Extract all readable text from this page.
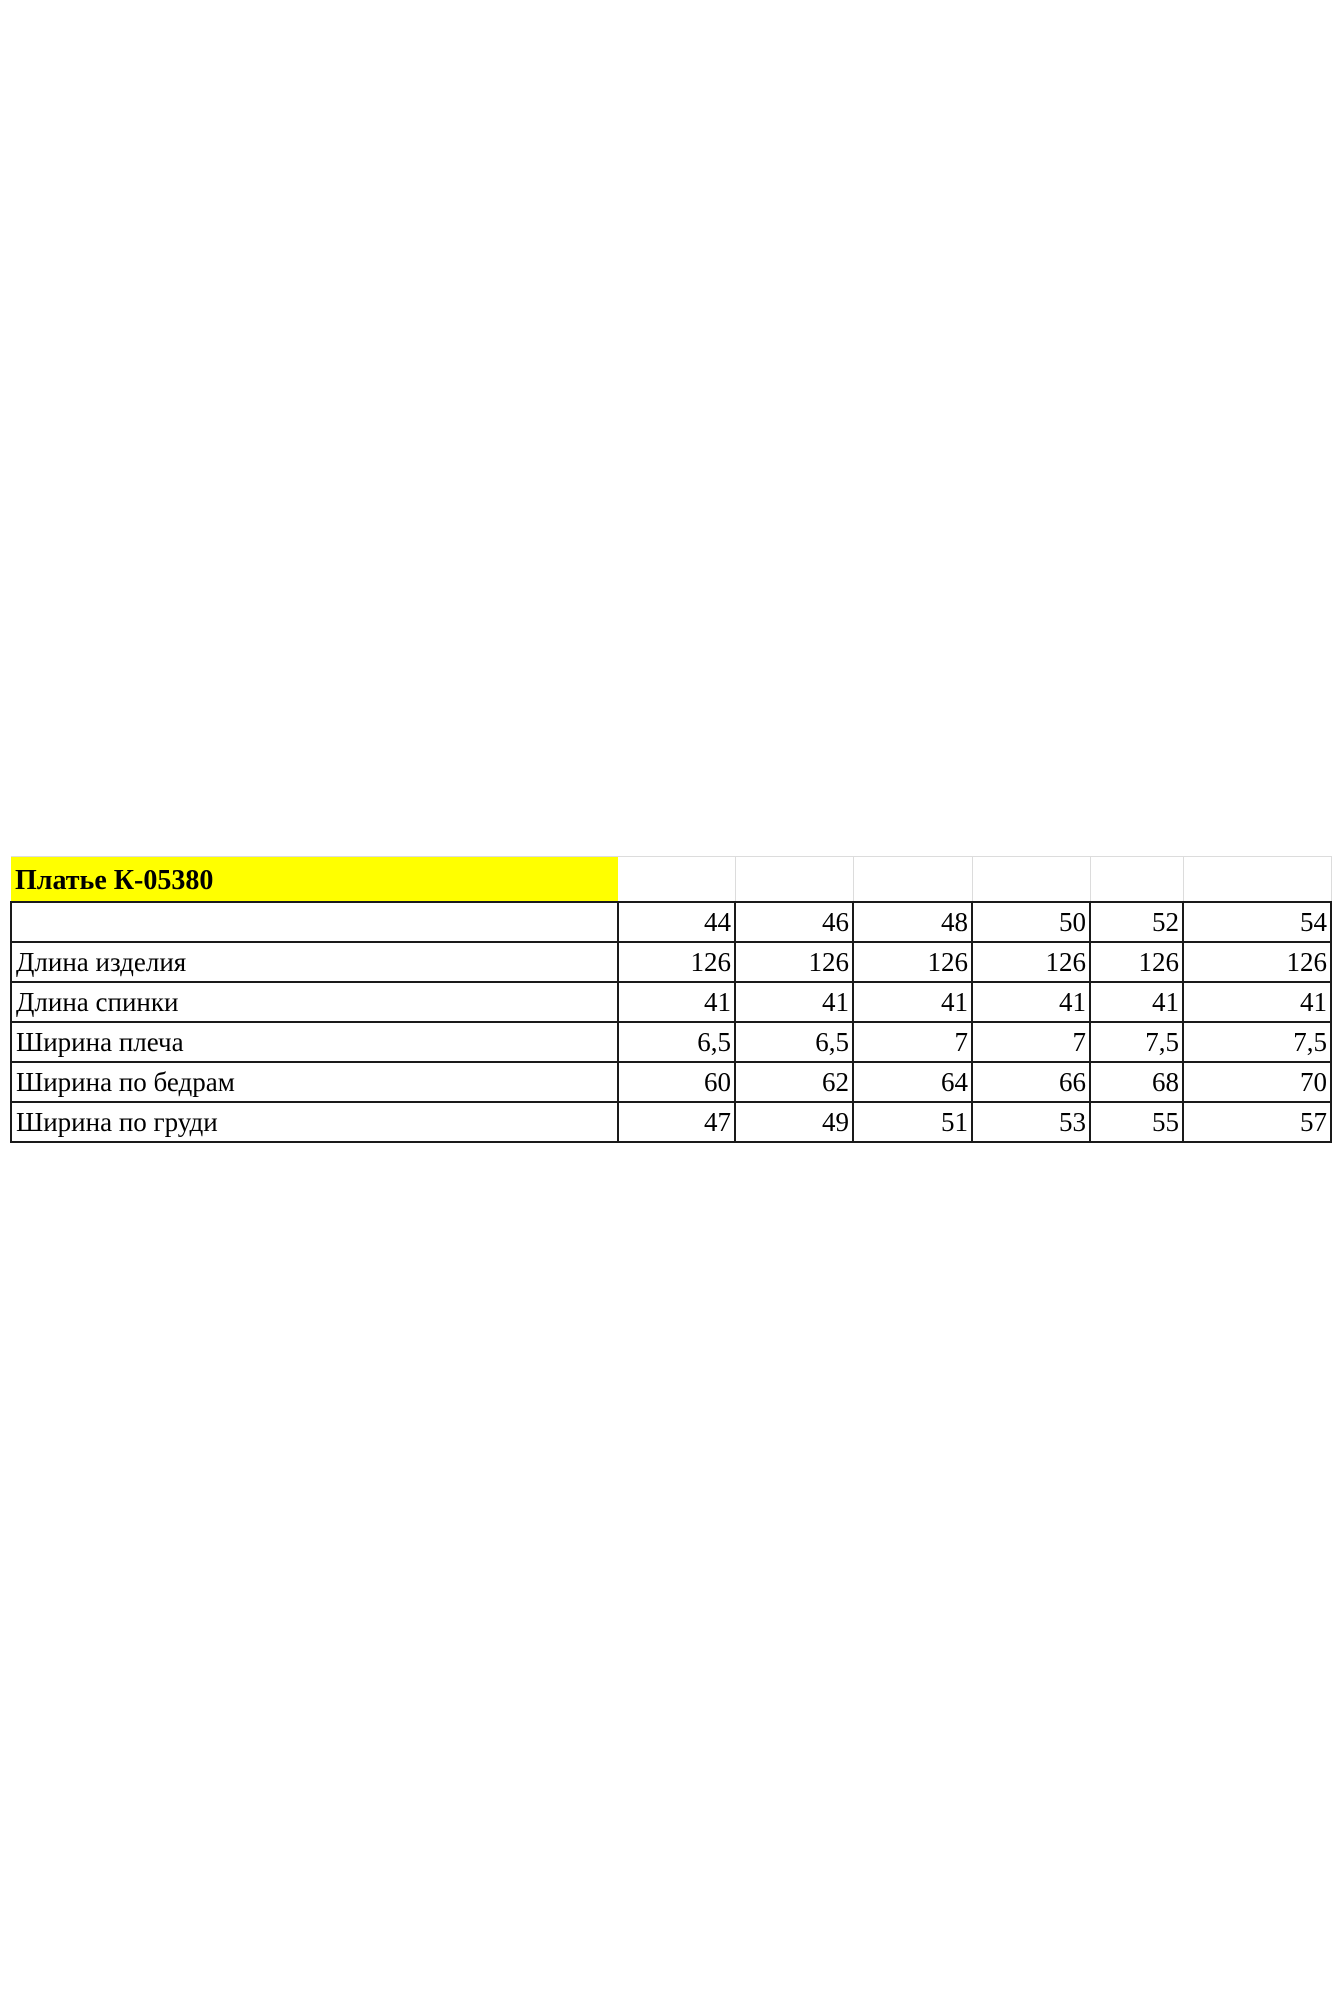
Платье К-05380						
	44	46	48	50	52	54
Длина изделия	126	126	126	126	126	126
Длина спинки	41	41	41	41	41	41
Ширина плеча	6,5	6,5	7	7	7,5	7,5
Ширина по бедрам	60	62	64	66	68	70
Ширина по груди	47	49	51	53	55	57
